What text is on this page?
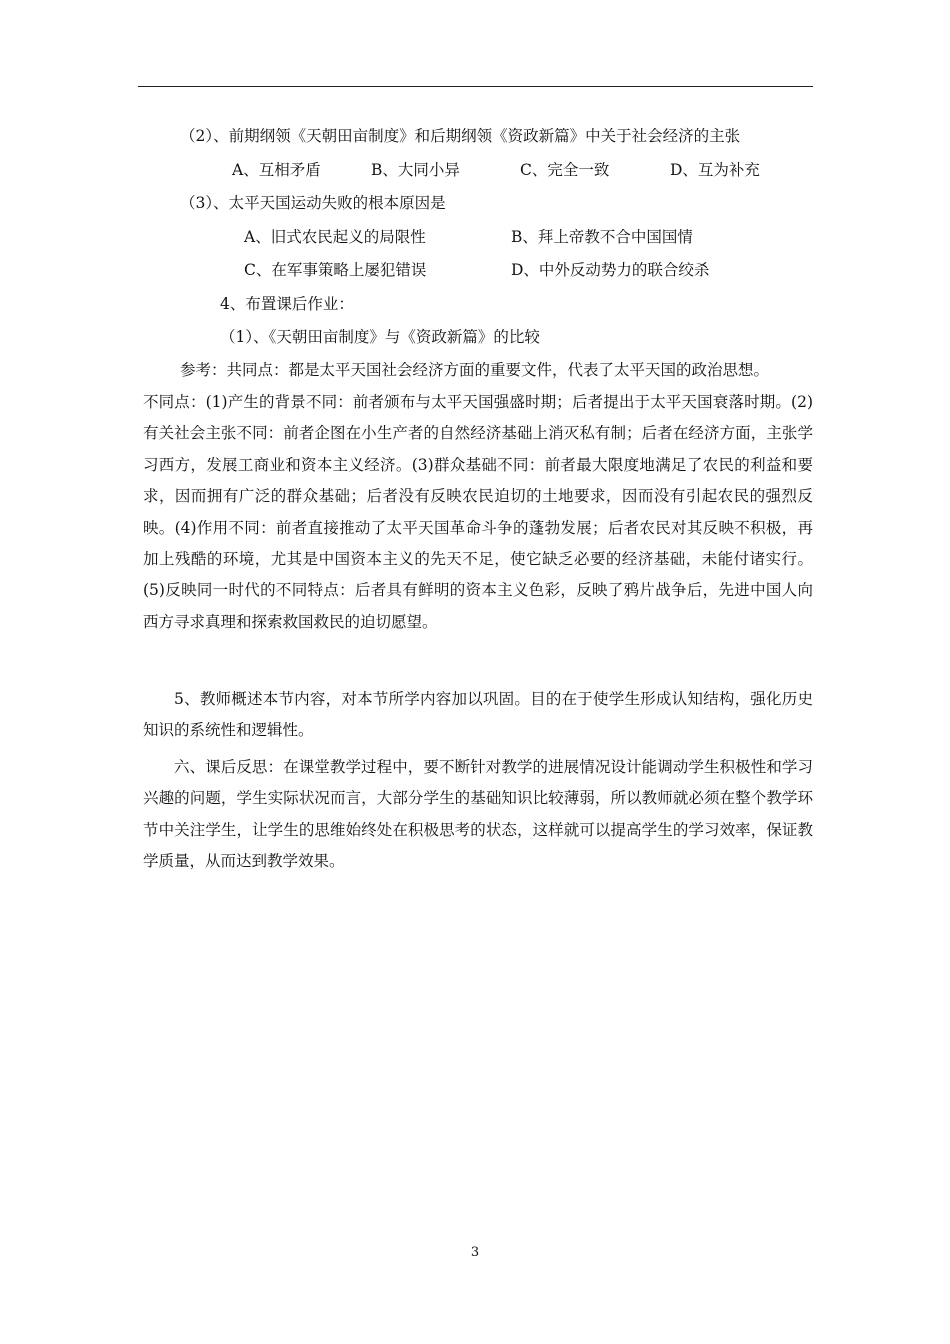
（2）、前期纲领《天朝田亩制度》和后期纲领《资政新篇》中关于社会经济的主张
A、互相矛盾	B、大同小异	C、完全一致	D、互为补充
（3）、太平天国运动失败的根本原因是
A、旧式农民起义的局限性	B、拜上帝教不合中国国情
C、在军事策略上屡犯错误	D、中外反动势力的联合绞杀
4、布置课后作业：
（1）、《天朝田亩制度》与《资政新篇》的比较
参考：共同点：都是太平天国社会经济方面的重要文件，代表了太平天国的政治思想。

不同点：(1)产生的背景不同：前者颁布与太平天国强盛时期；后者提出于太平天国衰落时期。(2)有关社会主张不同：前者企图在小生产者的自然经济基础上消灭私有制；后者在经济方面，主张学习西方，发展工商业和资本主义经济。(3)群众基础不同：前者最大限度地满足了农民的利益和要求，因而拥有广泛的群众基础；后者没有反映农民迫切的土地要求，因而没有引起农民的强烈反映。(4)作用不同：前者直接推动了太平天国革命斗争的蓬勃发展；后者农民对其反映不积极，再加上残酷的环境，尤其是中国资本主义的先天不足，使它缺乏必要的经济基础，未能付诸实行。(5)反映同一时代的不同特点：后者具有鲜明的资本主义色彩，反映了鸦片战争后，先进中国人向西方寻求真理和探索救国救民的迫切愿望。

5、教师概述本节内容，对本节所学内容加以巩固。目的在于使学生形成认知结构，强化历史知识的系统性和逻辑性。

六、课后反思：在课堂教学过程中，要不断针对教学的进展情况设计能调动学生积极性和学习兴趣的问题，学生实际状况而言，大部分学生的基础知识比较薄弱，所以教师就必须在整个教学环节中关注学生，让学生的思维始终处在积极思考的状态，这样就可以提高学生的学习效率，保证教学质量，从而达到教学效果。

3
